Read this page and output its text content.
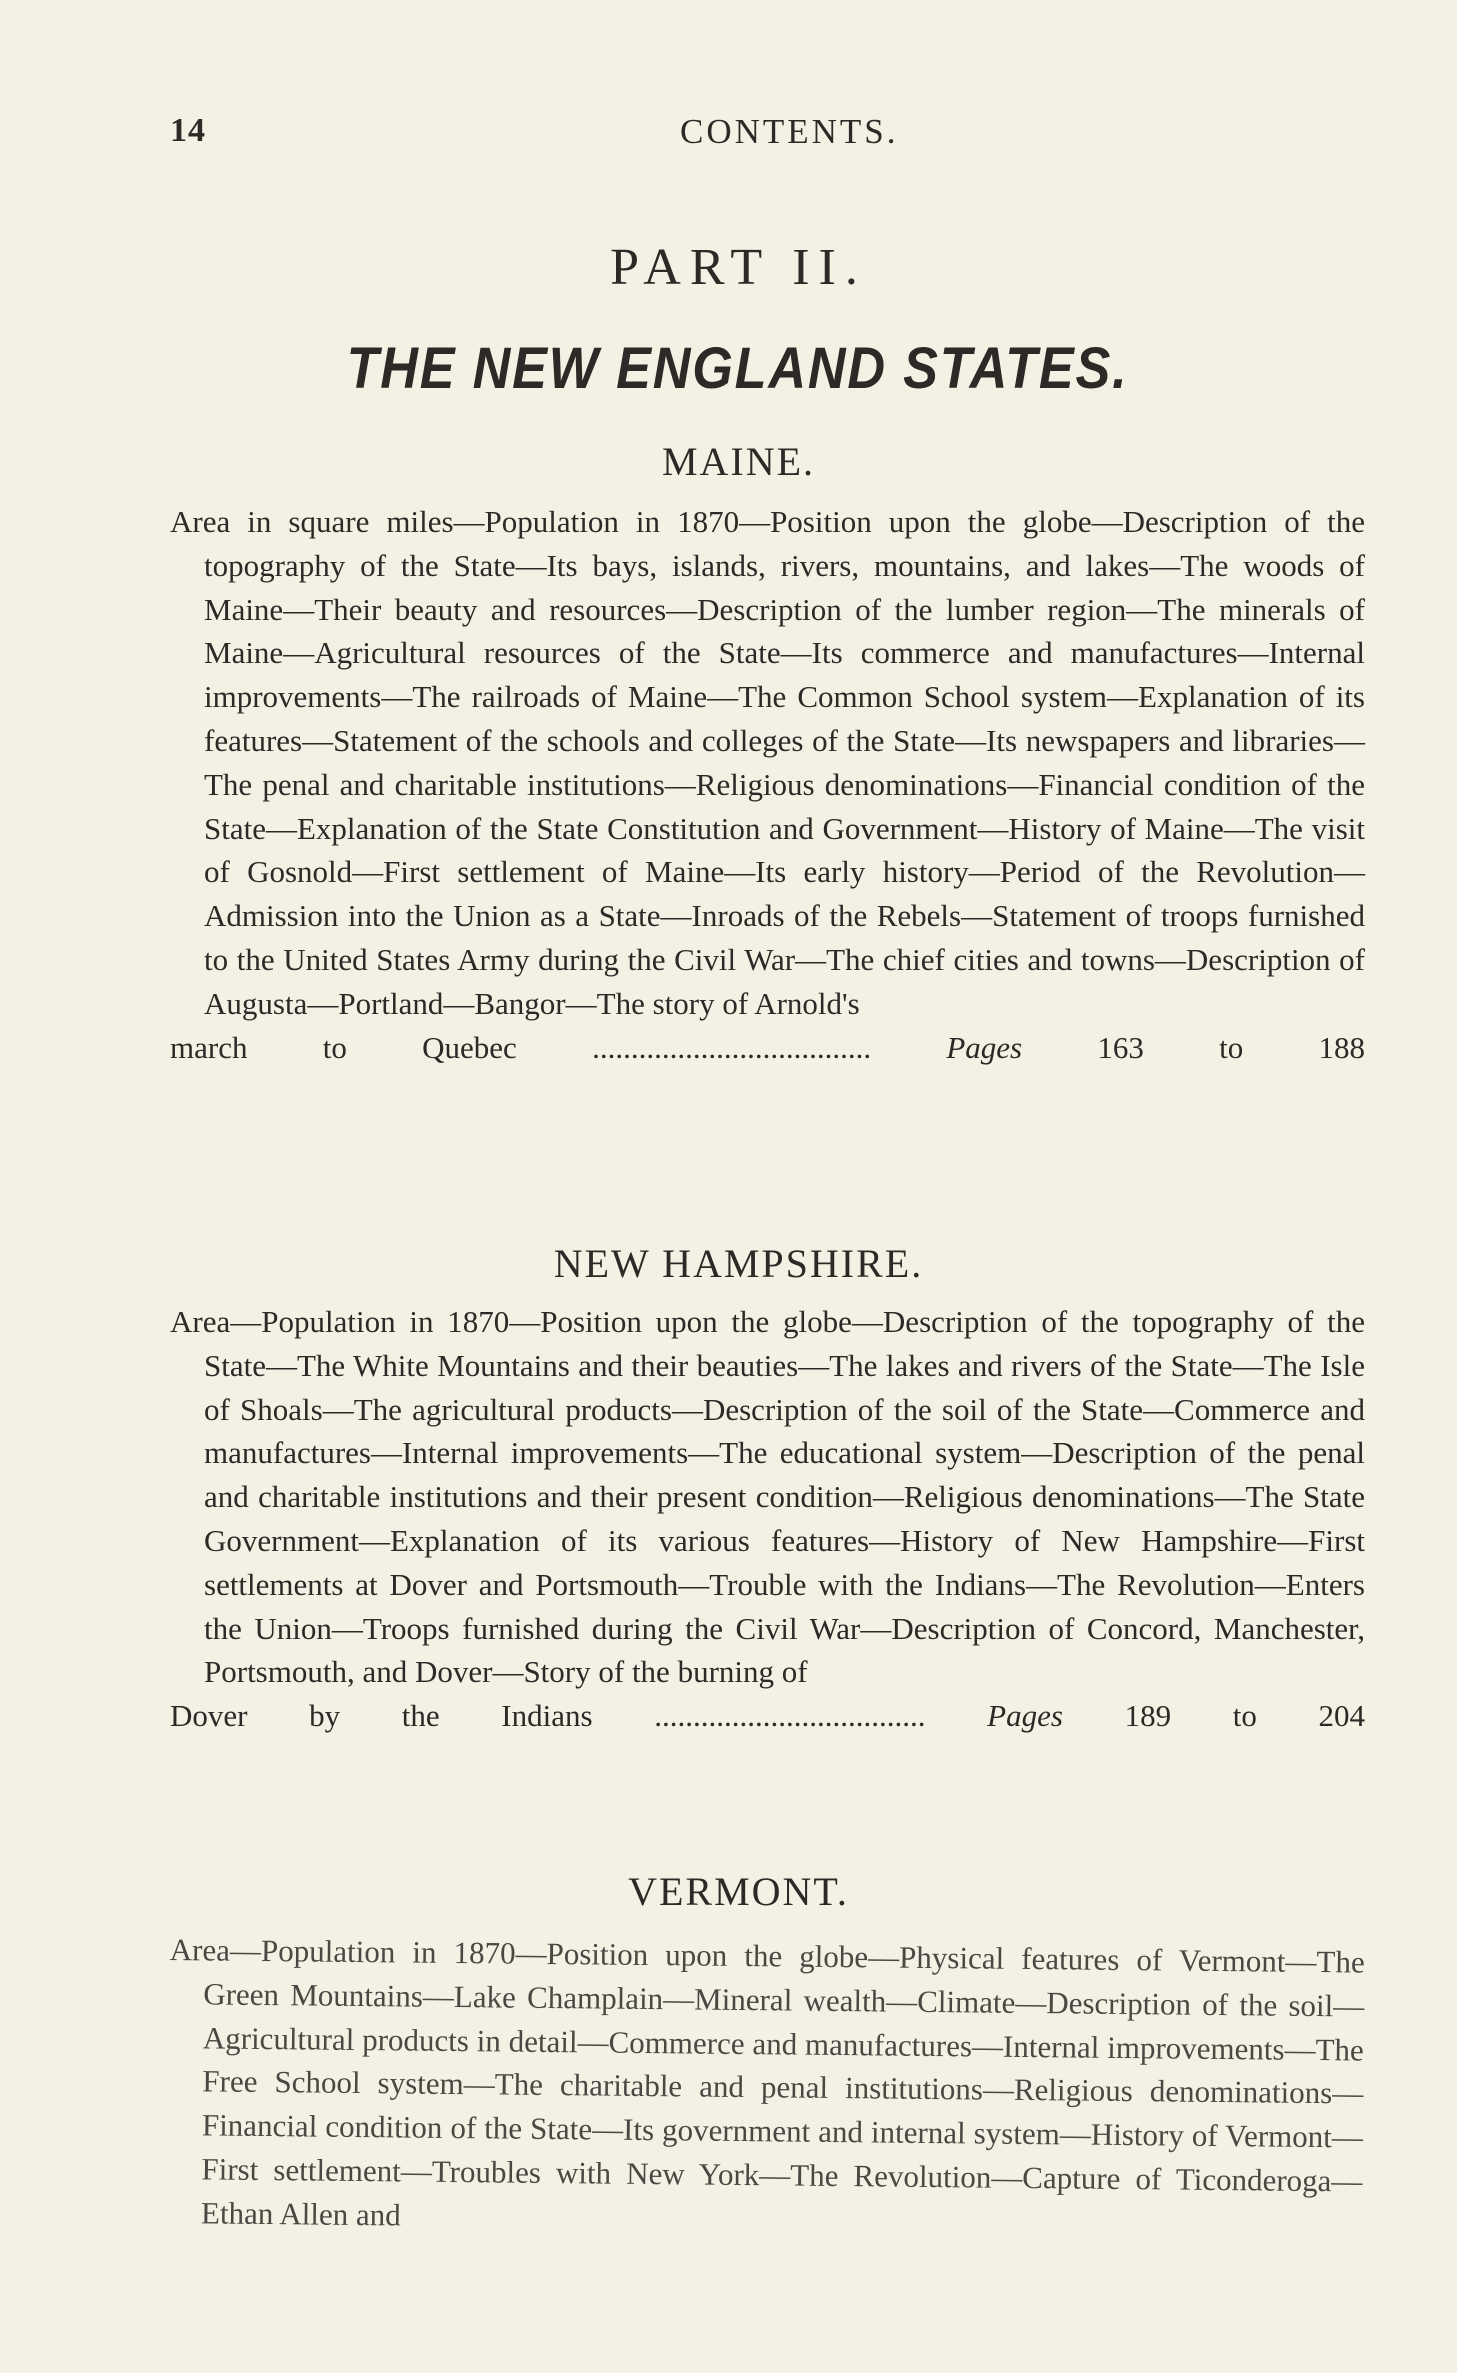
14	CONTENTS.
PART II.
THE NEW ENGLAND STATES.
MAINE.

Area in square miles—Population in 1870—Position upon the globe—Description of the topography of the State—Its bays, islands, rivers, mountains, and lakes—The woods of Maine—Their beauty and resources—Description of the lumber region—The minerals of Maine—Agricultural resources of the State—Its commerce and manufactures—Internal improvements—The railroads of Maine—The Common School system—Explanation of its features—Statement of the schools and colleges of the State—Its newspapers and libraries—The penal and charitable institutions—Religious denominations—Financial condition of the State—Explanation of the State Constitution and Government—History of Maine—The visit of Gosnold—First settlement of Maine—Its early history—Period of the Revolution—Admission into the Union as a State—Inroads of the Rebels—Statement of troops furnished to the United States Army during the Civil War—The chief cities and towns—Description of Augusta—Portland—Bangor—The story of Arnold's
march to Quebec .................................... Pages 163 to 188

NEW HAMPSHIRE.

Area—Population in 1870—Position upon the globe—Description of the topography of the State—The White Mountains and their beauties—The lakes and rivers of the State—The Isle of Shoals—The agricultural products—Description of the soil of the State—Commerce and manufactures—Internal improvements—The educational system—Description of the penal and charitable institutions and their present condition—Religious denominations—The State Government—Explanation of its various features—History of New Hampshire—First settlements at Dover and Portsmouth—Trouble with the Indians—The Revolution—Enters the Union—Troops furnished during the Civil War—Description of Concord, Manchester, Portsmouth, and Dover—Story of the burning of
Dover by the Indians ................................... Pages 189 to 204

VERMONT.

Area—Population in 1870—Position upon the globe—Physical features of Vermont—The Green Mountains—Lake Champlain—Mineral wealth—Climate—Description of the soil—Agricultural products in detail—Commerce and manufactures—Internal improvements—The Free School system—The charitable and penal institutions—Religious denominations—Financial condition of the State—Its government and internal system—History of Vermont—First settlement—Troubles with New York—The Revolution—Capture of Ticonderoga—Ethan Allen and
